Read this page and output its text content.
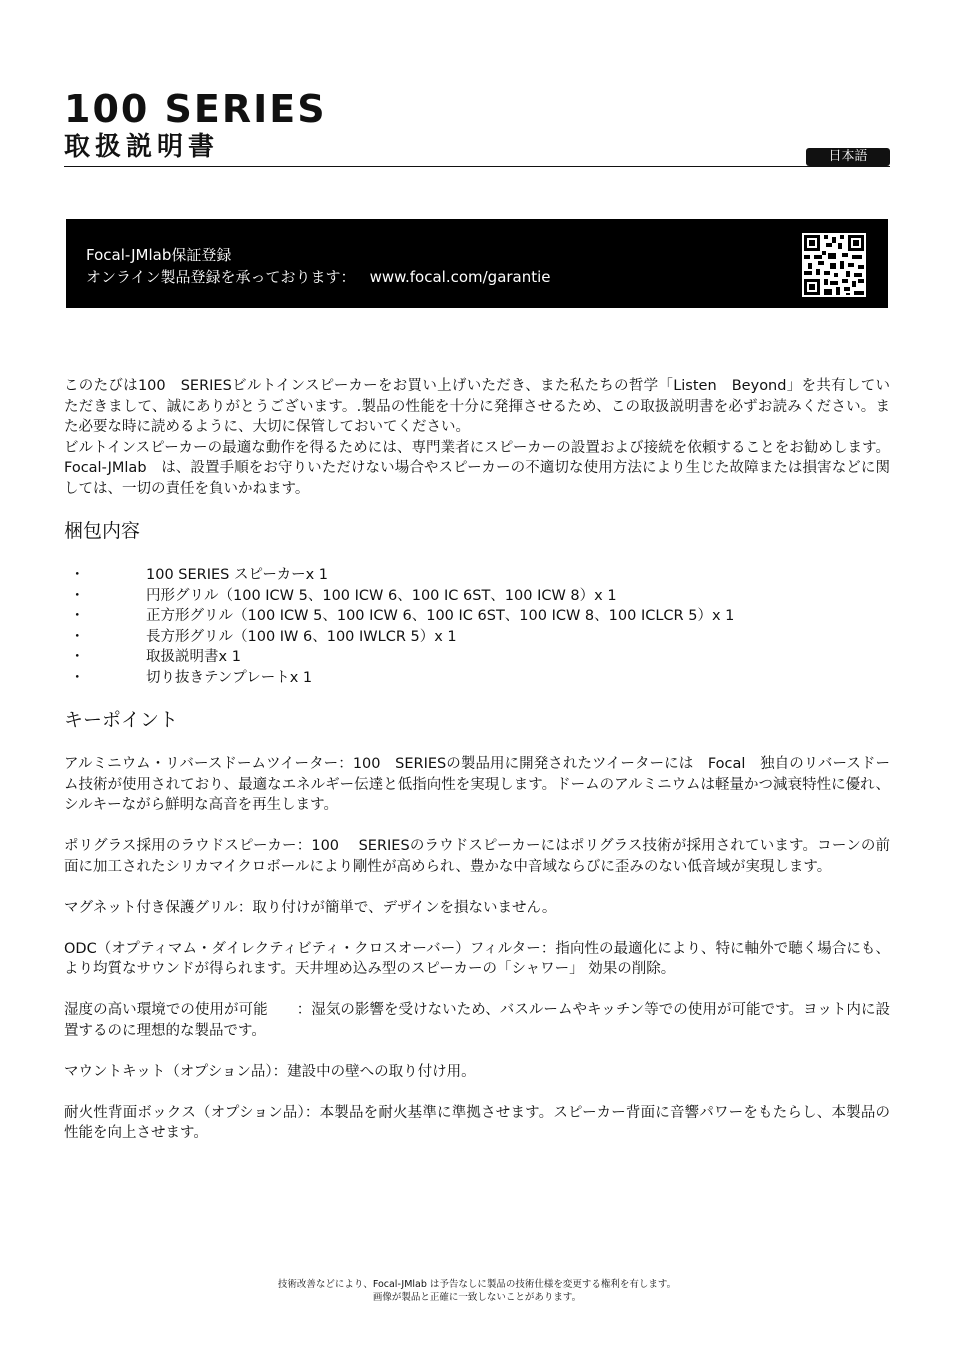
100 SERIES
取扱説明書	日本語
Focal-JMlab保証登録
オンライン製品登録を承っております： www.focal.com/garantie

このたびは100　SERIESビルトインスピーカーをお買い上げいただき、また私たちの哲学「Listen　Beyond」を共有していただきまして、誠にありがとうございます。.製品の性能を十分に発揮させるため、この取扱説明書を必ずお読みください。また必要な時に読めるように、大切に保管しておいてください。

ビルトインスピーカーの最適な動作を得るためには、専門業者にスピーカーの設置および接続を依頼することをお勧めします。Focal-JMlab　は、設置手順をお守りいただけない場合やスピーカーの不適切な使用方法により生じた故障または損害などに関しては、一切の責任を負いかねます。

梱包内容
・	100 SERIES スピーカーx 1
・	円形グリル（100 ICW 5、100 ICW 6、100 IC 6ST、100 ICW 8）x 1
・	正方形グリル（100 ICW 5、100 ICW 6、100 IC 6ST、100 ICW 8、100 ICLCR 5）x 1
・	長方形グリル（100 IW 6、100 IWLCR 5）x 1
・	取扱説明書x 1
・	切り抜きテンプレートx 1
キーポイント

アルミニウム・リバースドームツイーター：100　SERIESの製品用に開発されたツイーターには　Focal　独自のリバースドーム技術が使用されており、最適なエネルギー伝達と低指向性を実現します。ドームのアルミニウムは軽量かつ減衰特性に優れ、シルキーながら鮮明な高音を再生します。

ポリグラス採用のラウドスピーカー：100　 SERIESのラウドスピーカーにはポリグラス技術が採用されています。コーンの前面に加工されたシリカマイクロボールにより剛性が高められ、豊かな中音域ならびに歪みのない低音域が実現します。

マグネット付き保護グリル：取り付けが簡単で、デザインを損ないません。

ODC（オプティマム・ダイレクティビティ・クロスオーバー）フィルター：指向性の最適化により、特に軸外で聴く場合にも、より均質なサウンドが得られます。天井埋め込み型のスピーカーの「シャワー」 効果の削除。

湿度の高い環境での使用が可能　　：湿気の影響を受けないため、バスルームやキッチン等での使用が可能です。ヨット内に設置するのに理想的な製品です。

マウントキット（オプション品）：建設中の壁への取り付け用。

耐火性背面ボックス（オプション品）：本製品を耐火基準に準拠させます。スピーカー背面に音響パワーをもたらし、本製品の性能を向上させます。

技術改善などにより、Focal-JMlab は予告なしに製品の技術仕様を変更する権利を有します。
画像が製品と正確に一致しないことがあります。
